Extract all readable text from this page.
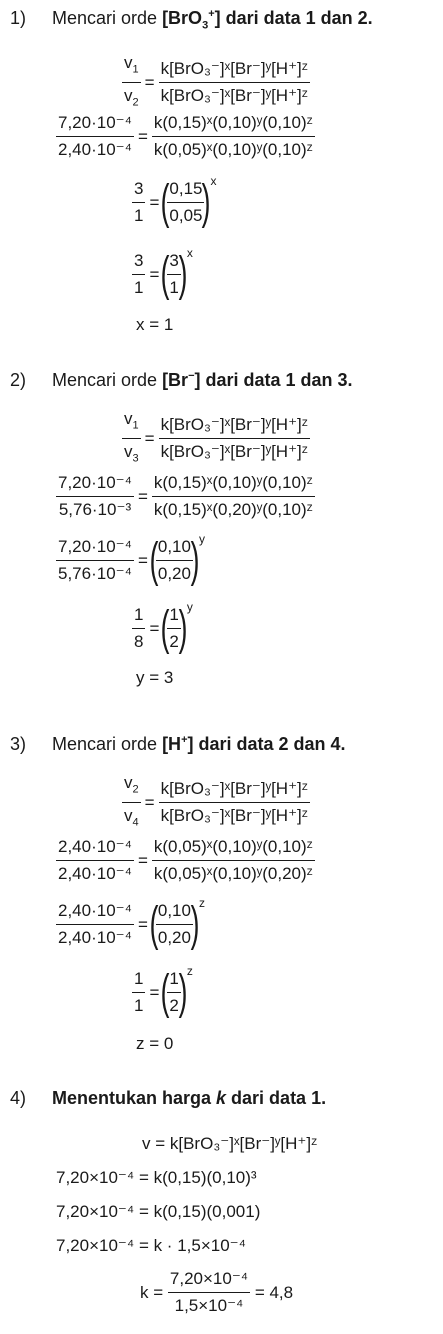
1) Mencari orde [BrO$_3$+] dari data 1 dan 2.
$\frac{v_1}{v_2} = \frac{\text{k[BrO₃⁻]ˣ[Br⁻]ʸ[H⁺]ᶻ}}{\text{k[BrO₃⁻]ˣ[Br⁻]ʸ[H⁺]ᶻ}}$
$\frac{\text{7,20·10⁻⁴}}{\text{2,40·10⁻⁴}} = \frac{\text{k(0,15)ˣ(0,10)ʸ(0,10)ᶻ}}{\text{k(0,05)ˣ(0,10)ʸ(0,10)ᶻ}}$
$\frac{3}{1}$ = (
$\frac{0,15}{0,05}$
) x
$\frac{3}{1}$ = (
$\frac{3}{1}$
) x
x = 1
2) Mencari orde [Br−] dari data 1 dan 3.
$\frac{v_1}{v_3} = \frac{\text{k[BrO₃⁻]ˣ[Br⁻]ʸ[H⁺]ᶻ}}{\text{k[BrO₃⁻]ˣ[Br⁻]ʸ[H⁺]ᶻ}}$
$\frac{\text{7,20·10⁻⁴}}{\text{5,76·10⁻³}} = \frac{\text{k(0,15)ˣ(0,10)ʸ(0,10)ᶻ}}{\text{k(0,15)ˣ(0,20)ʸ(0,10)ᶻ}}$
$\frac{\text{7,20·10⁻⁴}}{\text{5,76·10⁻⁴}}$ = (
$\frac{0,10}{0,20}$
) y
$\frac{1}{8}$ = (
$\frac{1}{2}$
) y
y = 3
3) Mencari orde [H+] dari data 2 dan 4.
$\frac{v_2}{v_4} = \frac{\text{k[BrO₃⁻]ˣ[Br⁻]ʸ[H⁺]ᶻ}}{\text{k[BrO₃⁻]ˣ[Br⁻]ʸ[H⁺]ᶻ}}$
$\frac{\text{2,40·10⁻⁴}}{\text{2,40·10⁻⁴}} = \frac{\text{k(0,05)ˣ(0,10)ʸ(0,10)ᶻ}}{\text{k(0,05)ˣ(0,10)ʸ(0,20)ᶻ}}$
$\frac{\text{2,40·10⁻⁴}}{\text{2,40·10⁻⁴}}$ = (
$\frac{0,10}{0,20}$
) z
$\frac{1}{1}$ = (
$\frac{1}{2}$
) z
z = 0
4) Menentukan harga k dari data 1.
v = k[BrO₃⁻]ˣ[Br⁻]ʸ[H⁺]ᶻ
7,20×10⁻⁴
= k(0,15)(0,10)³
7,20×10⁻⁴
= k(0,15)(0,001)
7,20×10⁻⁴
= k · 1,5×10⁻⁴
k =
$\frac{\text{7,20×10⁻⁴}}{\text{1,5×10⁻⁴}}$
= 4,8
